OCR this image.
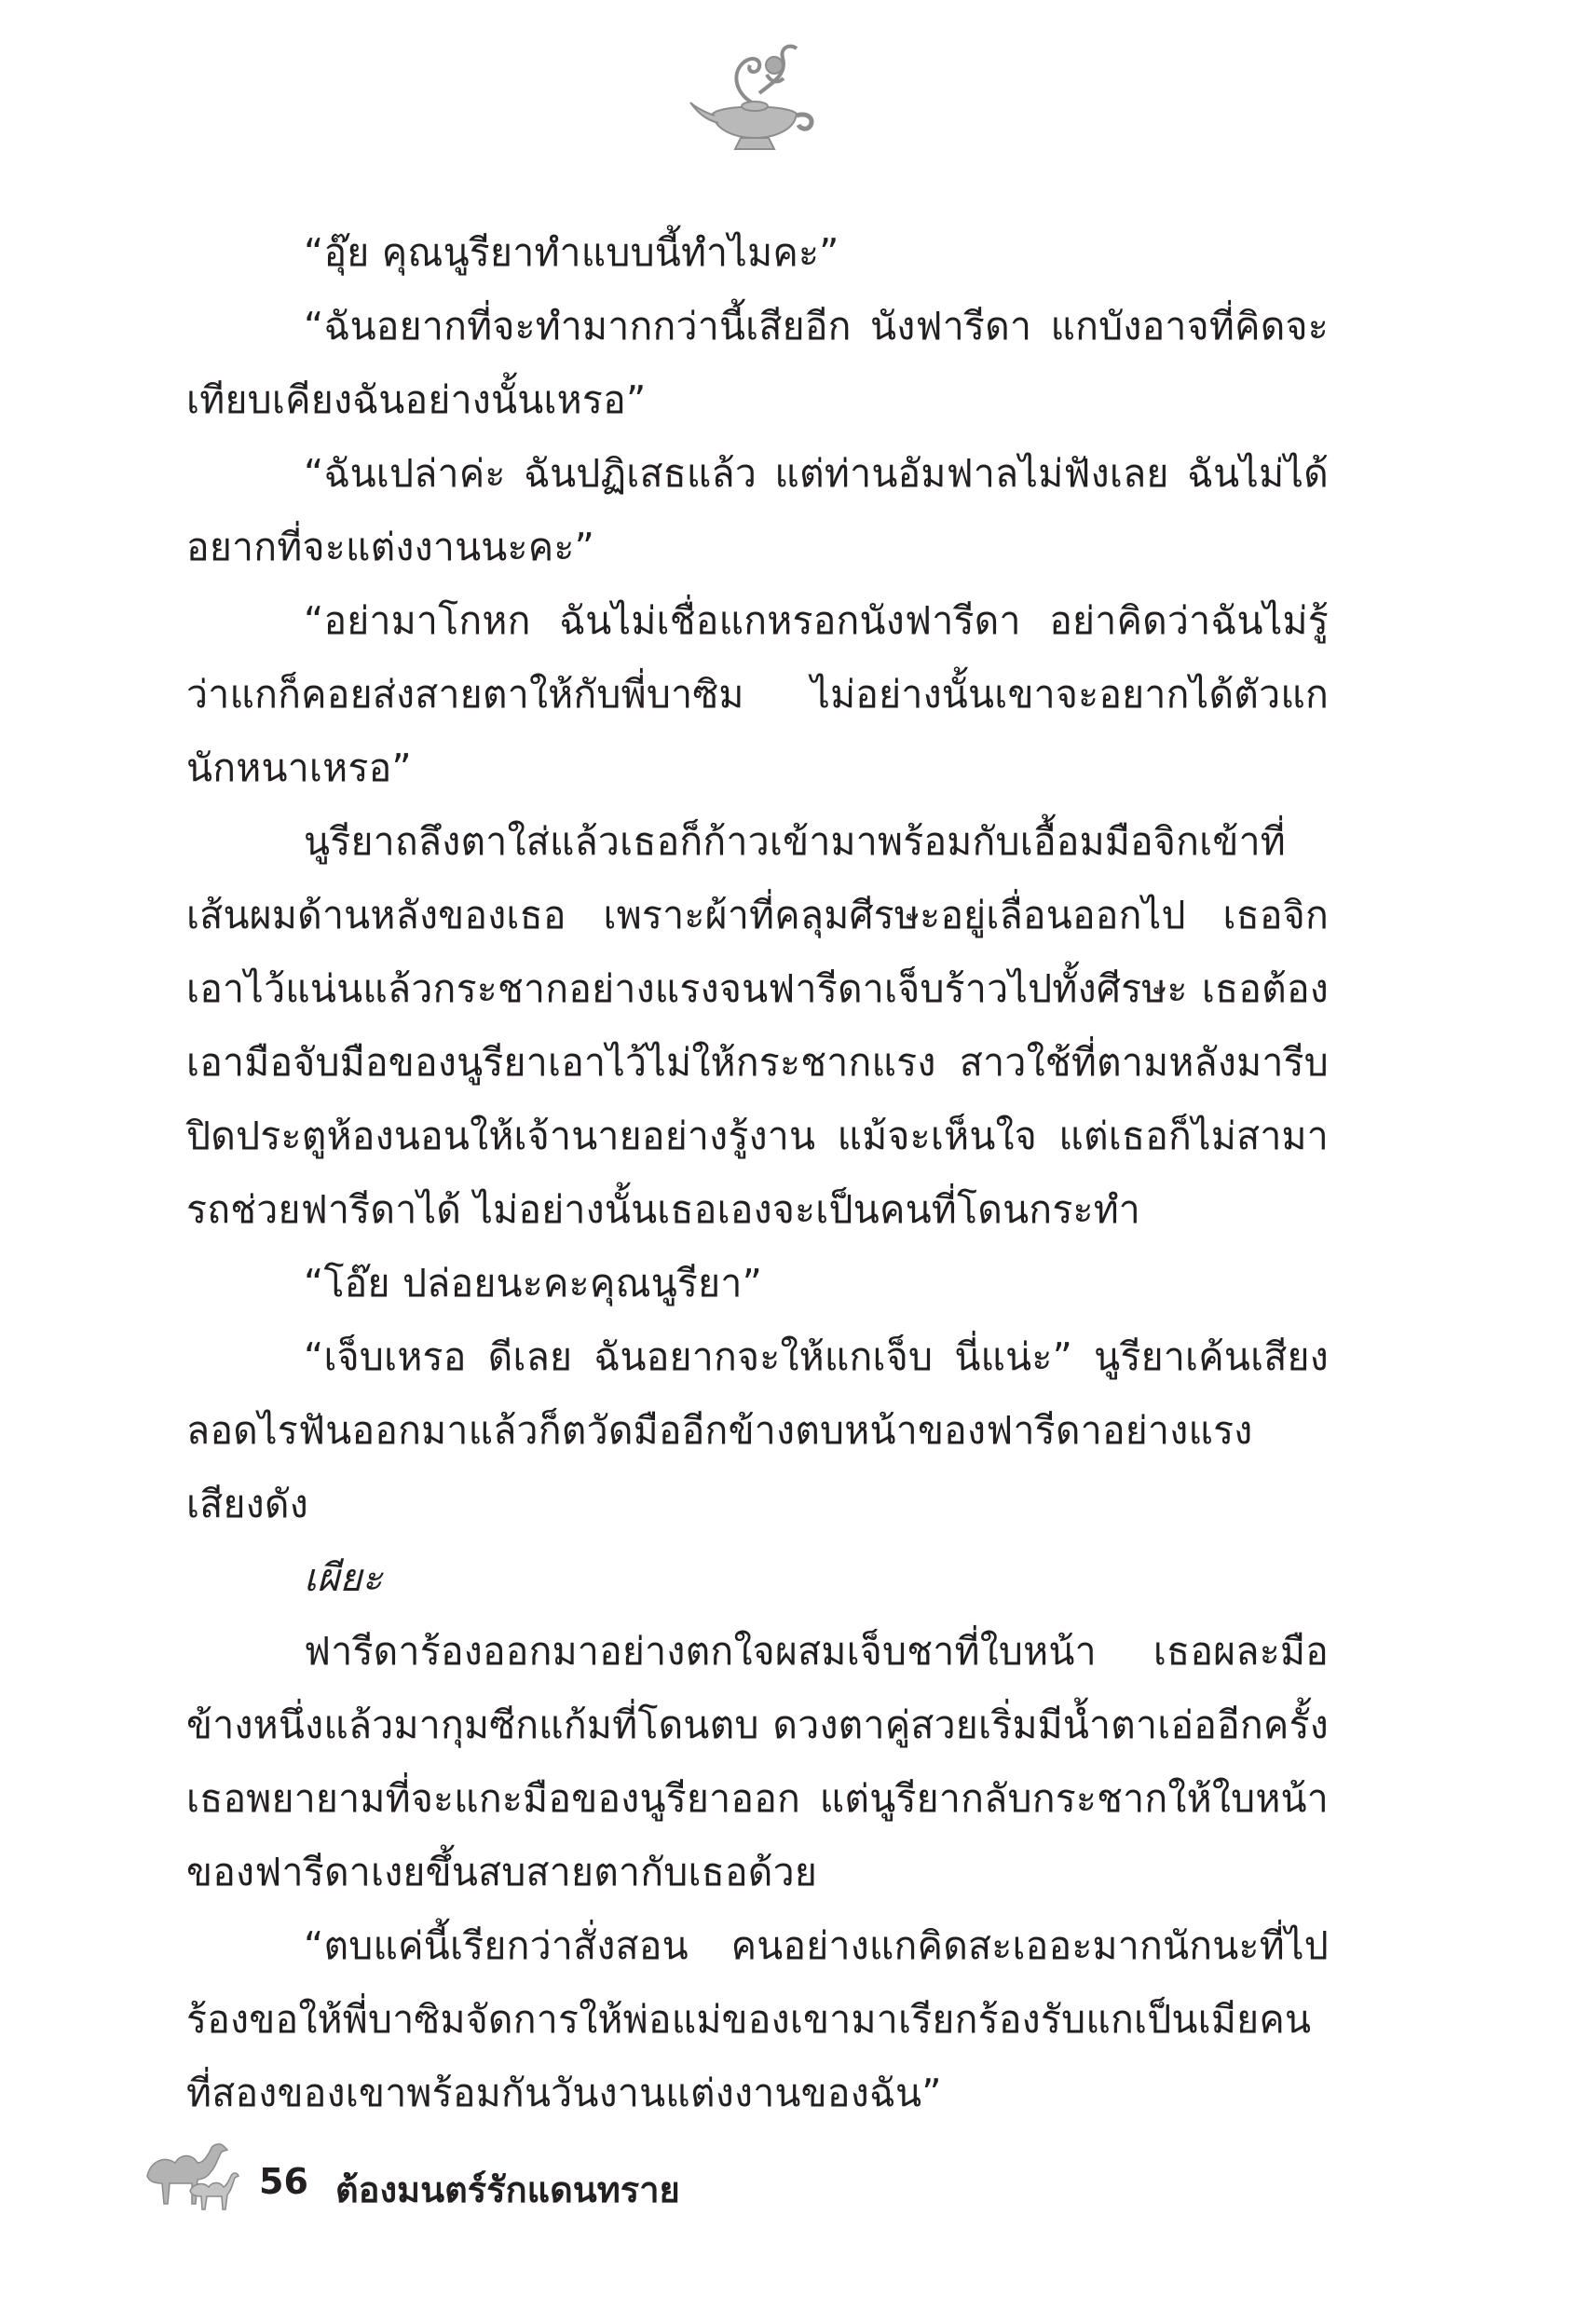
“อุ๊ย คุณนูรียาทำแบบนี้ทำไมคะ”

“ฉันอยากที่จะทำมากกว่านี้เสียอีก นังฟารีดา แกบังอาจที่คิดจะเทียบเคียงฉันอย่างนั้นเหรอ”

“ฉันเปล่าค่ะ ฉันปฏิเสธแล้ว แต่ท่านอัมฟาลไม่ฟังเลย ฉันไม่ได้อยากที่จะแต่งงานนะคะ”

“อย่ามาโกหก ฉันไม่เชื่อแกหรอกนังฟารีดา อย่าคิดว่าฉันไม่รู้ว่าแกก็คอยส่งสายตาให้กับพี่บาซิม ไม่อย่างนั้นเขาจะอยากได้ตัวแกนักหนาเหรอ”

นูรียาถลึงตาใส่แล้วเธอก็ก้าวเข้ามาพร้อมกับเอื้อมมือจิกเข้าที่เส้นผมด้านหลังของเธอ เพราะผ้าที่คลุมศีรษะอยู่เลื่อนออกไป เธอจิกเอาไว้แน่นแล้วกระชากอย่างแรงจนฟารีดาเจ็บร้าวไปทั้งศีรษะ เธอต้องเอามือจับมือของนูรียาเอาไว้ไม่ให้กระชากแรง สาวใช้ที่ตามหลังมารีบปิดประตูห้องนอนให้เจ้านายอย่างรู้งาน แม้จะเห็นใจ แต่เธอก็ไม่สามารถช่วยฟารีดาได้ ไม่อย่างนั้นเธอเองจะเป็นคนที่โดนกระทำ

“โอ๊ย ปล่อยนะคะคุณนูรียา”

“เจ็บเหรอ ดีเลย ฉันอยากจะให้แกเจ็บ นี่แน่ะ” นูรียาเค้นเสียงลอดไรฟันออกมาแล้วก็ตวัดมืออีกข้างตบหน้าของฟารีดาอย่างแรงเสียงดัง

เผียะ

ฟารีดาร้องออกมาอย่างตกใจผสมเจ็บชาที่ใบหน้า เธอผละมือข้างหนึ่งแล้วมากุมซีกแก้มที่โดนตบ ดวงตาคู่สวยเริ่มมีน้ำตาเอ่ออีกครั้ง เธอพยายามที่จะแกะมือของนูรียาออก แต่นูรียากลับกระชากให้ใบหน้าของฟารีดาเงยขึ้นสบสายตากับเธอด้วย

“ตบแค่นี้เรียกว่าสั่งสอน คนอย่างแกคิดสะเออะมากนักนะที่ไปร้องขอให้พี่บาซิมจัดการให้พ่อแม่ของเขามาเรียกร้องรับแกเป็นเมียคนที่สองของเขาพร้อมกันวันงานแต่งงานของฉัน”

56 ต้องมนตร์รักแดนทราย
